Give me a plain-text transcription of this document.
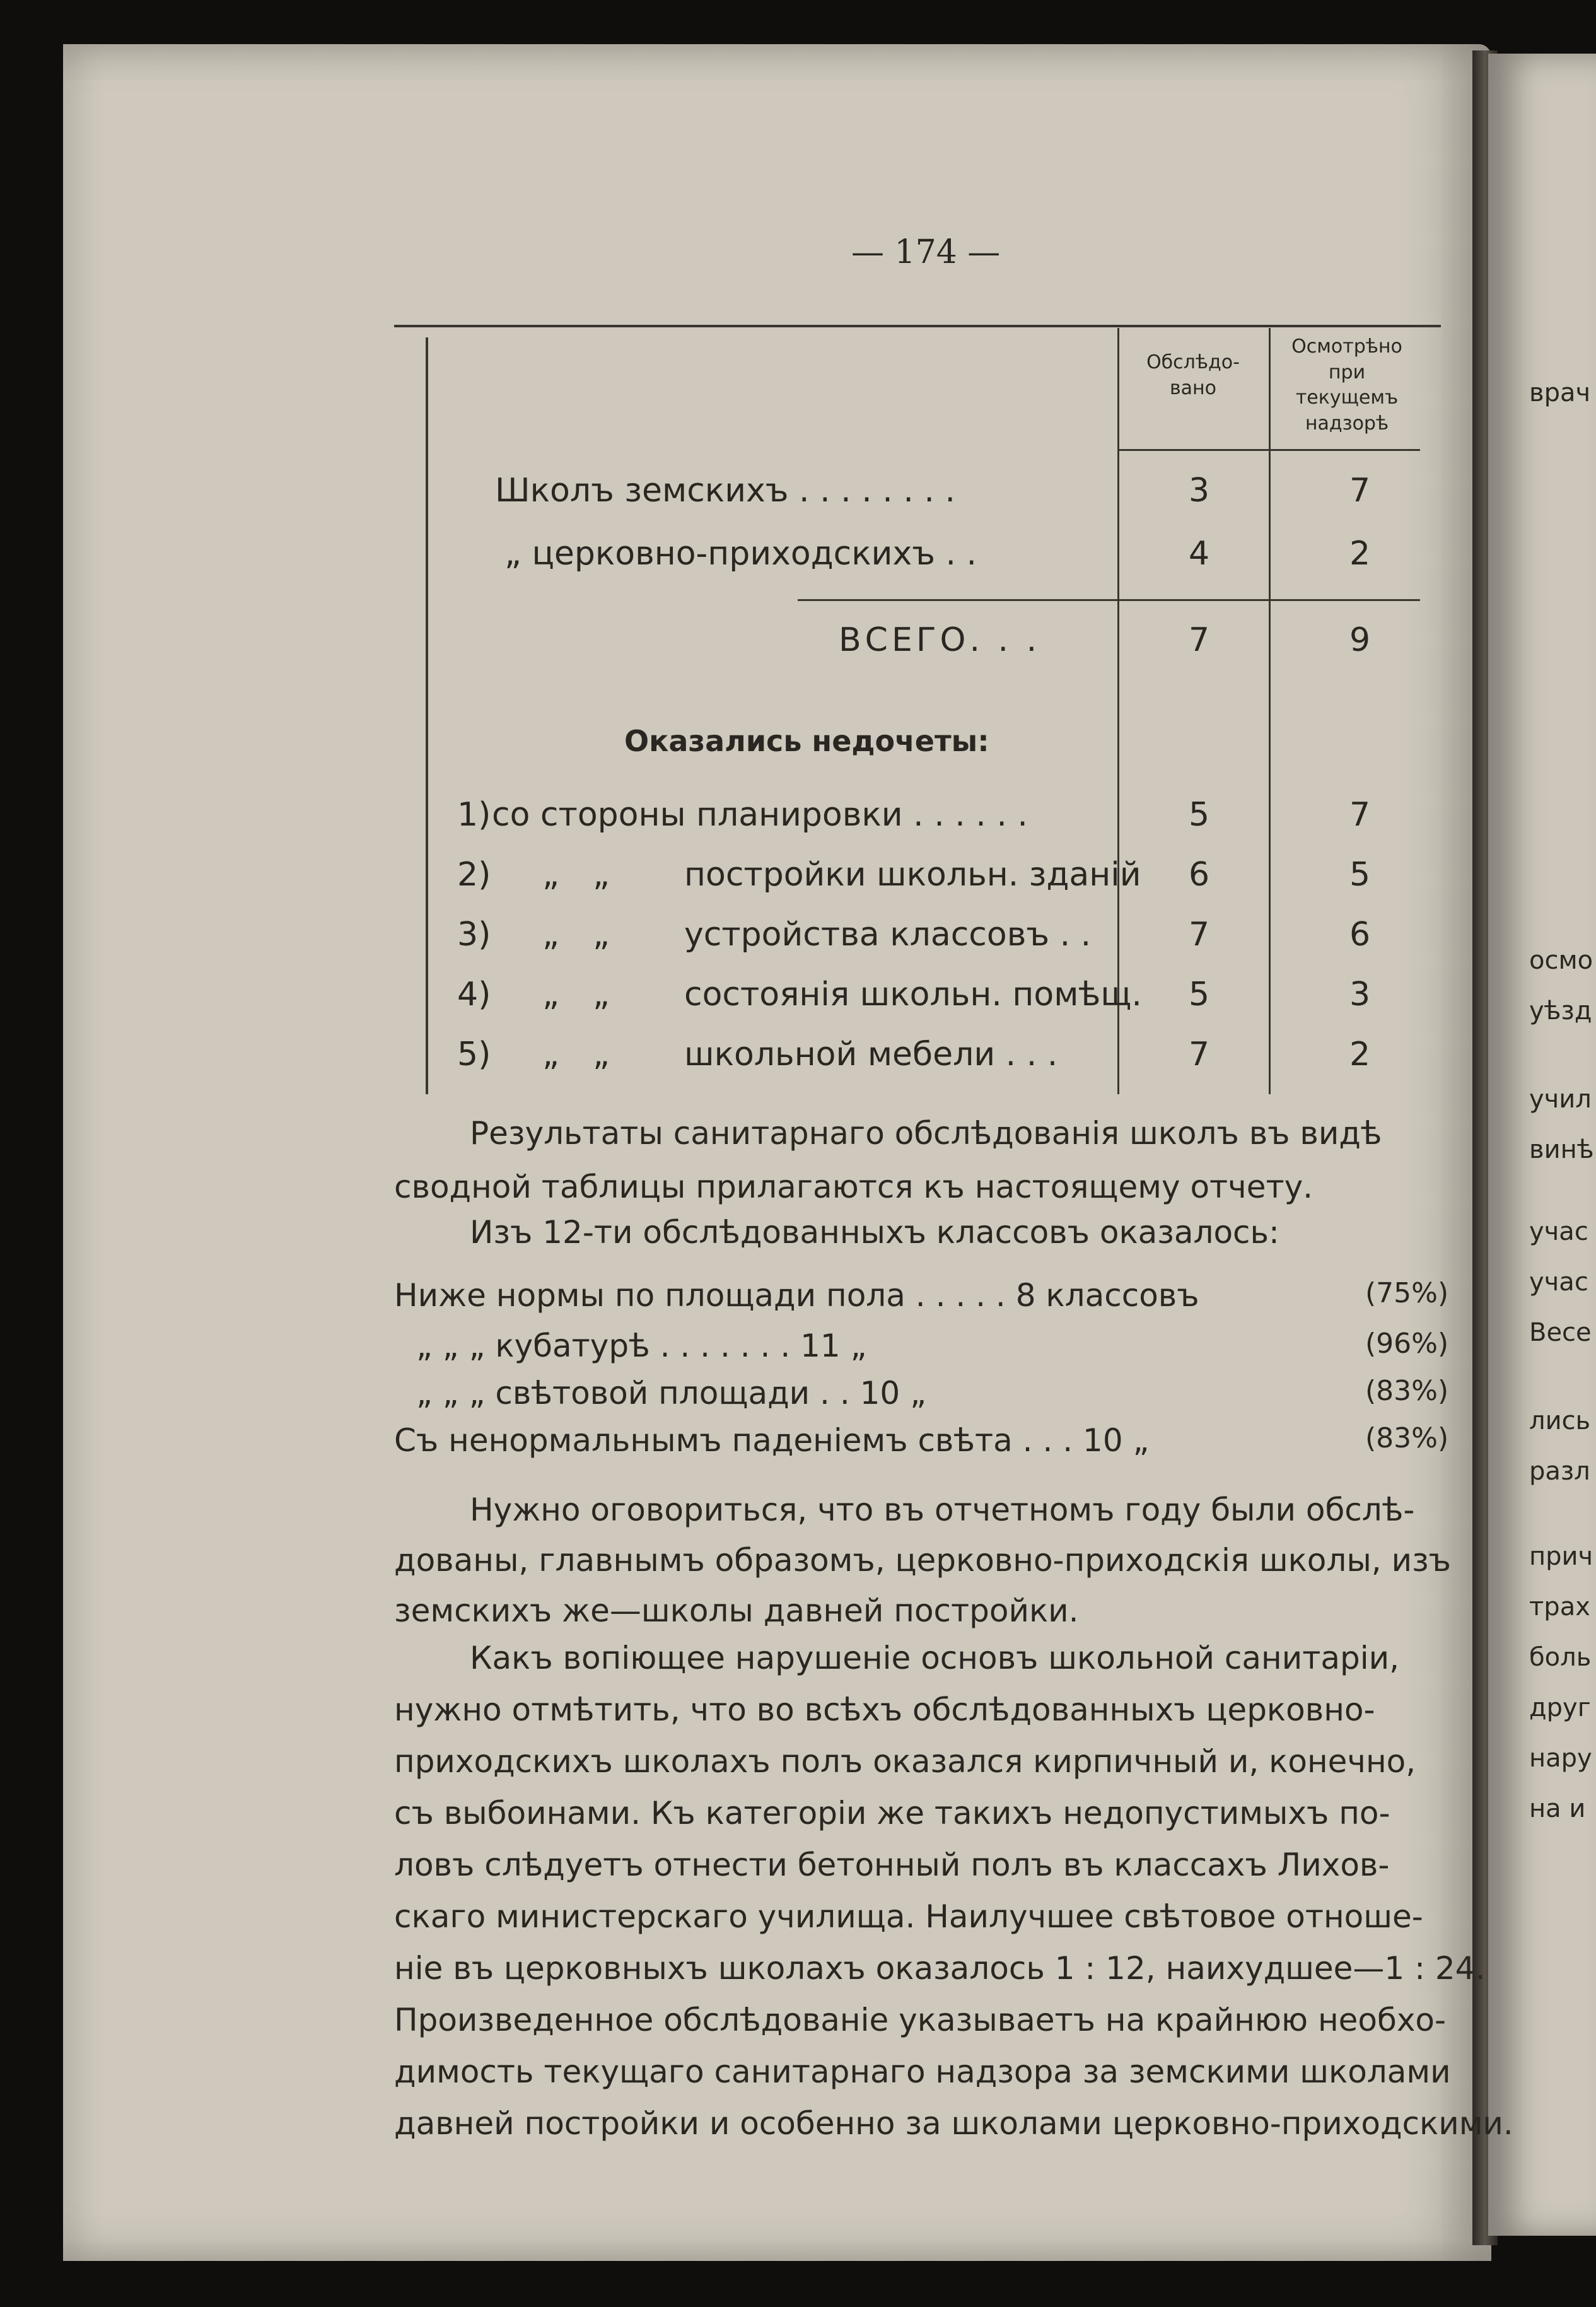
врач
осмо
уѣзд
учил
винѣ
учас
учас
Весе
лись
разл
прич
трах
боль
друг
нару
на и
— 174 —
Обслѣдо-
вано
Осмотрѣно
при
текущемъ
надзорѣ
Школъ земскихъ . . . . . . . .	3	7
„ церковно-приходскихъ . .	4	2
ВСЕГО. . .	7	9
Оказались недочеты:
1) со стороны планировки . . . . . .	5	7
2) „ „ постройки школьн. зданій 6	5
3) „ „ устройства классовъ . .	7	6
4) „ „ состоянія школьн. помѣщ. 5	3
5) „ „ школьной мебели . . .	7	2
Результаты санитарнаго обслѣдованія школъ въ видѣ
сводной таблицы прилагаются къ настоящему отчету.
Изъ 12-ти обслѣдованныхъ классовъ оказалось:
Ниже нормы по площади пола . . . . . 8 классовъ	(75%)
„ „ „ кубатурѣ . . . . . . . 11 „	(96%)
„ „ „ свѣтовой площади . . 10 „	(83%)
Съ ненормальнымъ паденіемъ свѣта . . . 10 „	(83%)
Нужно оговориться, что въ отчетномъ году были обслѣ-
дованы, главнымъ образомъ, церковно-приходскія школы, изъ
земскихъ же—школы давней постройки.
Какъ вопіющее нарушеніе основъ школьной санитаріи,
нужно отмѣтить, что во всѣхъ обслѣдованныхъ церковно-
приходскихъ школахъ полъ оказался кирпичный и, конечно,
съ выбоинами. Къ категоріи же такихъ недопустимыхъ по-
ловъ слѣдуетъ отнести бетонный полъ въ классахъ Лихов-
скаго министерскаго училища. Наилучшее свѣтовое отноше-
ніе въ церковныхъ школахъ оказалось 1 : 12, наихудшее—1 : 24.
Произведенное обслѣдованіе указываетъ на крайнюю необхо-
димость текущаго санитарнаго надзора за земскими школами
давней постройки и особенно за школами церковно-приходскими.
